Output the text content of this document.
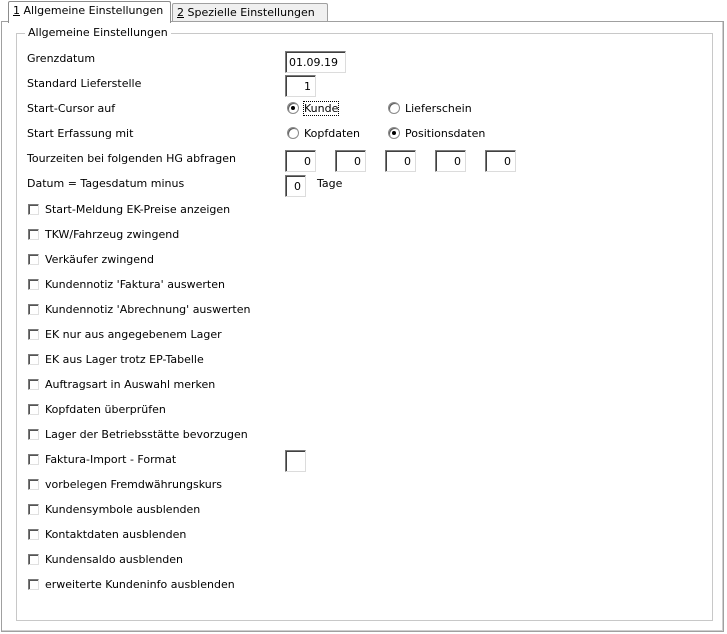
1 Allgemeine Einstellungen	2 Spezielle Einstellungen
Allgemeine Einstellungen
Grenzdatum	01.09.19
Standard Lieferstelle	1
Start-Cursor auf	Kunde	Lieferschein
Start Erfassung mit	Kopfdaten	Positionsdaten
Tourzeiten bei folgenden HG abfragen	0	0	0	0	0
Datum = Tagesdatum minus	0	Tage
Start-Meldung EK-Preise anzeigen
TKW/Fahrzeug zwingend
Verkäufer zwingend
Kundennotiz 'Faktura' auswerten
Kundennotiz 'Abrechnung' auswerten
EK nur aus angegebenem Lager
EK aus Lager trotz EP-Tabelle
Auftragsart in Auswahl merken
Kopfdaten überprüfen
Lager der Betriebsstätte bevorzugen
Faktura-Import - Format
vorbelegen Fremdwährungskurs
Kundensymbole ausblenden
Kontaktdaten ausblenden
Kundensaldo ausblenden
erweiterte Kundeninfo ausblenden
